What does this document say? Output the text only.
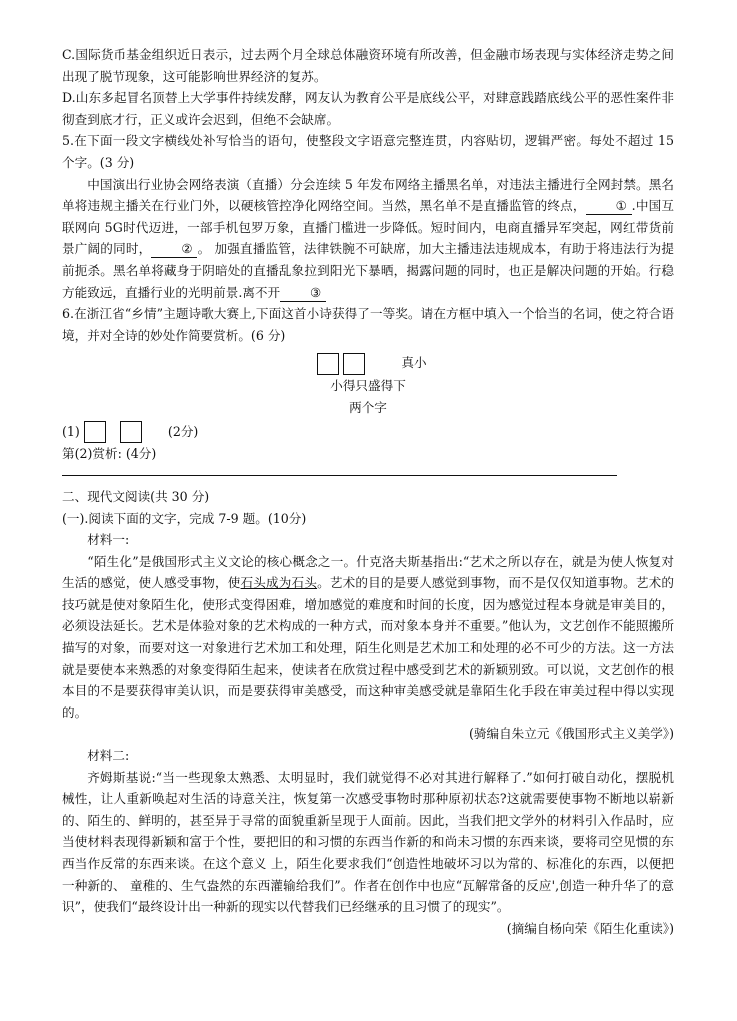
C.国际货币基金组织近日表示，过去两个月全球总体融资环境有所改善，但金融市场表现与实体经济走势之间出现了脱节现象，这可能影响世界经济的复苏。

D.山东多起冒名顶替上大学事件持续发酵，网友认为教育公平是底线公平，对肆意践踏底线公平的恶性案件非彻查到底才行，正义或许会迟到，但绝不会缺席。

5.在下面一段文字横线处补写恰当的语句，使整段文字语意完整连贯，内容贴切，逻辑严密。每处不超过 15 个字。(3 分)

中国演出行业协会网络表演（直播）分会连续 5 年发布网络主播黑名单，对违法主播进行全网封禁。黑名单将违规主播关在行业门外，以硬核管控净化网络空间。当然，黑名单不是直播监管的终点， ① .中国互联网向 5G时代迈进，一部手机包罗万象，直播门槛进一步降低。短时间内，电商直播异军突起，网红带货前景广阔的同时， ② 。 加强直播监管，法律铁腕不可缺席，加大主播违法违规成本，有助于将违法行为提前扼杀。黑名单将藏身于阴暗处的直播乱象拉到阳光下暴晒，揭露问题的同时，也正是解决问题的开始。行稳方能致远，直播行业的光明前景.离不开 ③

6.在浙江省“乡情”主题诗歌大赛上,下面这首小诗获得了一等奖。请在方框中填入一个恰当的名词，使之符合语境，并对全诗的妙处作简要赏析。(6 分)

真小
小得只盛得下
两个字

(1)	(2分)

第(2)赏析: (4分)

二、现代文阅读(共 30 分)

(一).阅读下面的文字，完成 7-9 题。(10分)

材料一:

“陌生化”是俄国形式主义文论的核心概念之一。什克洛夫斯基指出:“艺术之所以存在，就是为使人恢复对生活的感觉，使人感受事物，使石头成为石头。艺术的目的是要人感觉到事物，而不是仅仅知道事物。艺术的技巧就是使对象陌生化，使形式变得困难，增加感觉的难度和时间的长度，因为感觉过程本身就是审美目的，必须设法延长。艺术是体验对象的艺术构成的一种方式，而对象本身并不重要。”他认为，文艺创作不能照搬所描写的对象，而要对这一对象进行艺术加工和处理，陌生化则是艺术加工和处理的必不可少的方法。这一方法就是要使本来熟悉的对象变得陌生起来，使读者在欣赏过程中感受到艺术的新颖别致。可以说，文艺创作的根本目的不是要获得审美认识，而是要获得审美感受，而这种审美感受就是靠陌生化手段在审美过程中得以实现的。

(骑编自朱立元《俄国形式主义美学》)

材料二:

齐姆斯基说:“当一些现象太熟悉、太明显时，我们就觉得不必对其进行解释了.”如何打破自动化，摆脱机械性，让人重新唤起对生活的诗意关注，恢复第一次感受事物时那种原初状态?这就需要使事物不断地以崭新的、陌生的、鲜明的，甚至异于寻常的面貌重新呈现于人面前。因此，当我们把文学外的材料引入作品时，应当使材料表现得新颖和富于个性，要把旧的和习惯的东西当作新的和尚未习惯的东西来谈，要将司空见惯的东西当作反常的东西来谈。在这个意义 上，陌生化要求我们“创造性地破坏习以为常的、标准化的东西，以便把一种新的、 童稚的、生气盎然的东西灌输给我们”。作者在创作中也应“瓦解常备的反应',创造一种升华了的意识”，使我们“最终设计出一种新的现实以代替我们已经继承的且习惯了的现实”。

(摘编自杨向荣《陌生化重读》)
